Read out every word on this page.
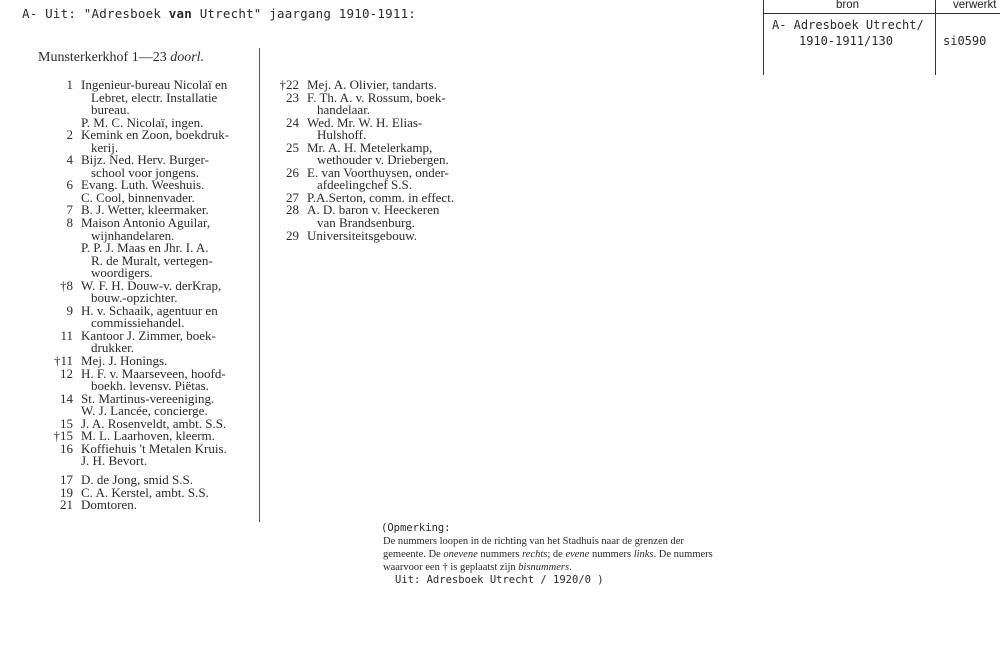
A- Uit: "Adresboek van Utrecht" jaargang 1910-1911:
bron	verwerkt
A- Adresboek Utrecht/
1910-1911/130	si0590
Munsterkerkhof 1—23 doorl.
1 Ingenieur-bureau Nicolaï en
Lebret, electr. Installatie
bureau.
P. M. C. Nicolaï, ingen.
2 Kemink en Zoon, boekdruk-
kerij.
4 Bijz. Ned. Herv. Burger-
school voor jongens.
6 Evang. Luth. Weeshuis.
C. Cool, binnenvader.
7 B. J. Wetter, kleermaker.
8 Maison Antonio Aguilar,
wijnhandelaren.
P. P. J. Maas en Jhr. I. A.
R. de Muralt, vertegen-
woordigers.
†8 W. F. H. Douw-v. derKrap,
bouw.-opzichter.
9 H. v. Schaaik, agentuur en
commissiehandel.
11 Kantoor J. Zimmer, boek-
drukker.
†11 Mej. J. Honings.
12 H. F. v. Maarseveen, hoofd-
boekh. levensv. Piëtas.
14 St. Martinus-vereeniging.
W. J. Lancée, concierge.
15 J. A. Rosenveldt, ambt. S.S.
†15 M. L. Laarhoven, kleerm.
16 Koffiehuis 't Metalen Kruis.
J. H. Bevort.
17 D. de Jong, smid S.S.
19 C. A. Kerstel, ambt. S.S.
21 Domtoren.
†22 Mej. A. Olivier, tandarts.
23 F. Th. A. v. Rossum, boek-
handelaar.
24 Wed. Mr. W. H. Elias-
Hulshoff.
25 Mr. A. H. Metelerkamp,
wethouder v. Driebergen.
26 E. van Voorthuysen, onder-
afdeelingchef S.S.
27 P.A.Serton, comm. in effect.
28 A. D. baron v. Heeckeren
van Brandsenburg.
29 Universiteitsgebouw.
(Opmerking:
De nummers loopen in de richting van het Stadhuis naar de grenzen der
gemeente. De onevene nummers rechts; de evene nummers links. De nummers
waarvoor een † is geplaatst zijn bisnummers.
Uit: Adresboek Utrecht / 1920/0 )
